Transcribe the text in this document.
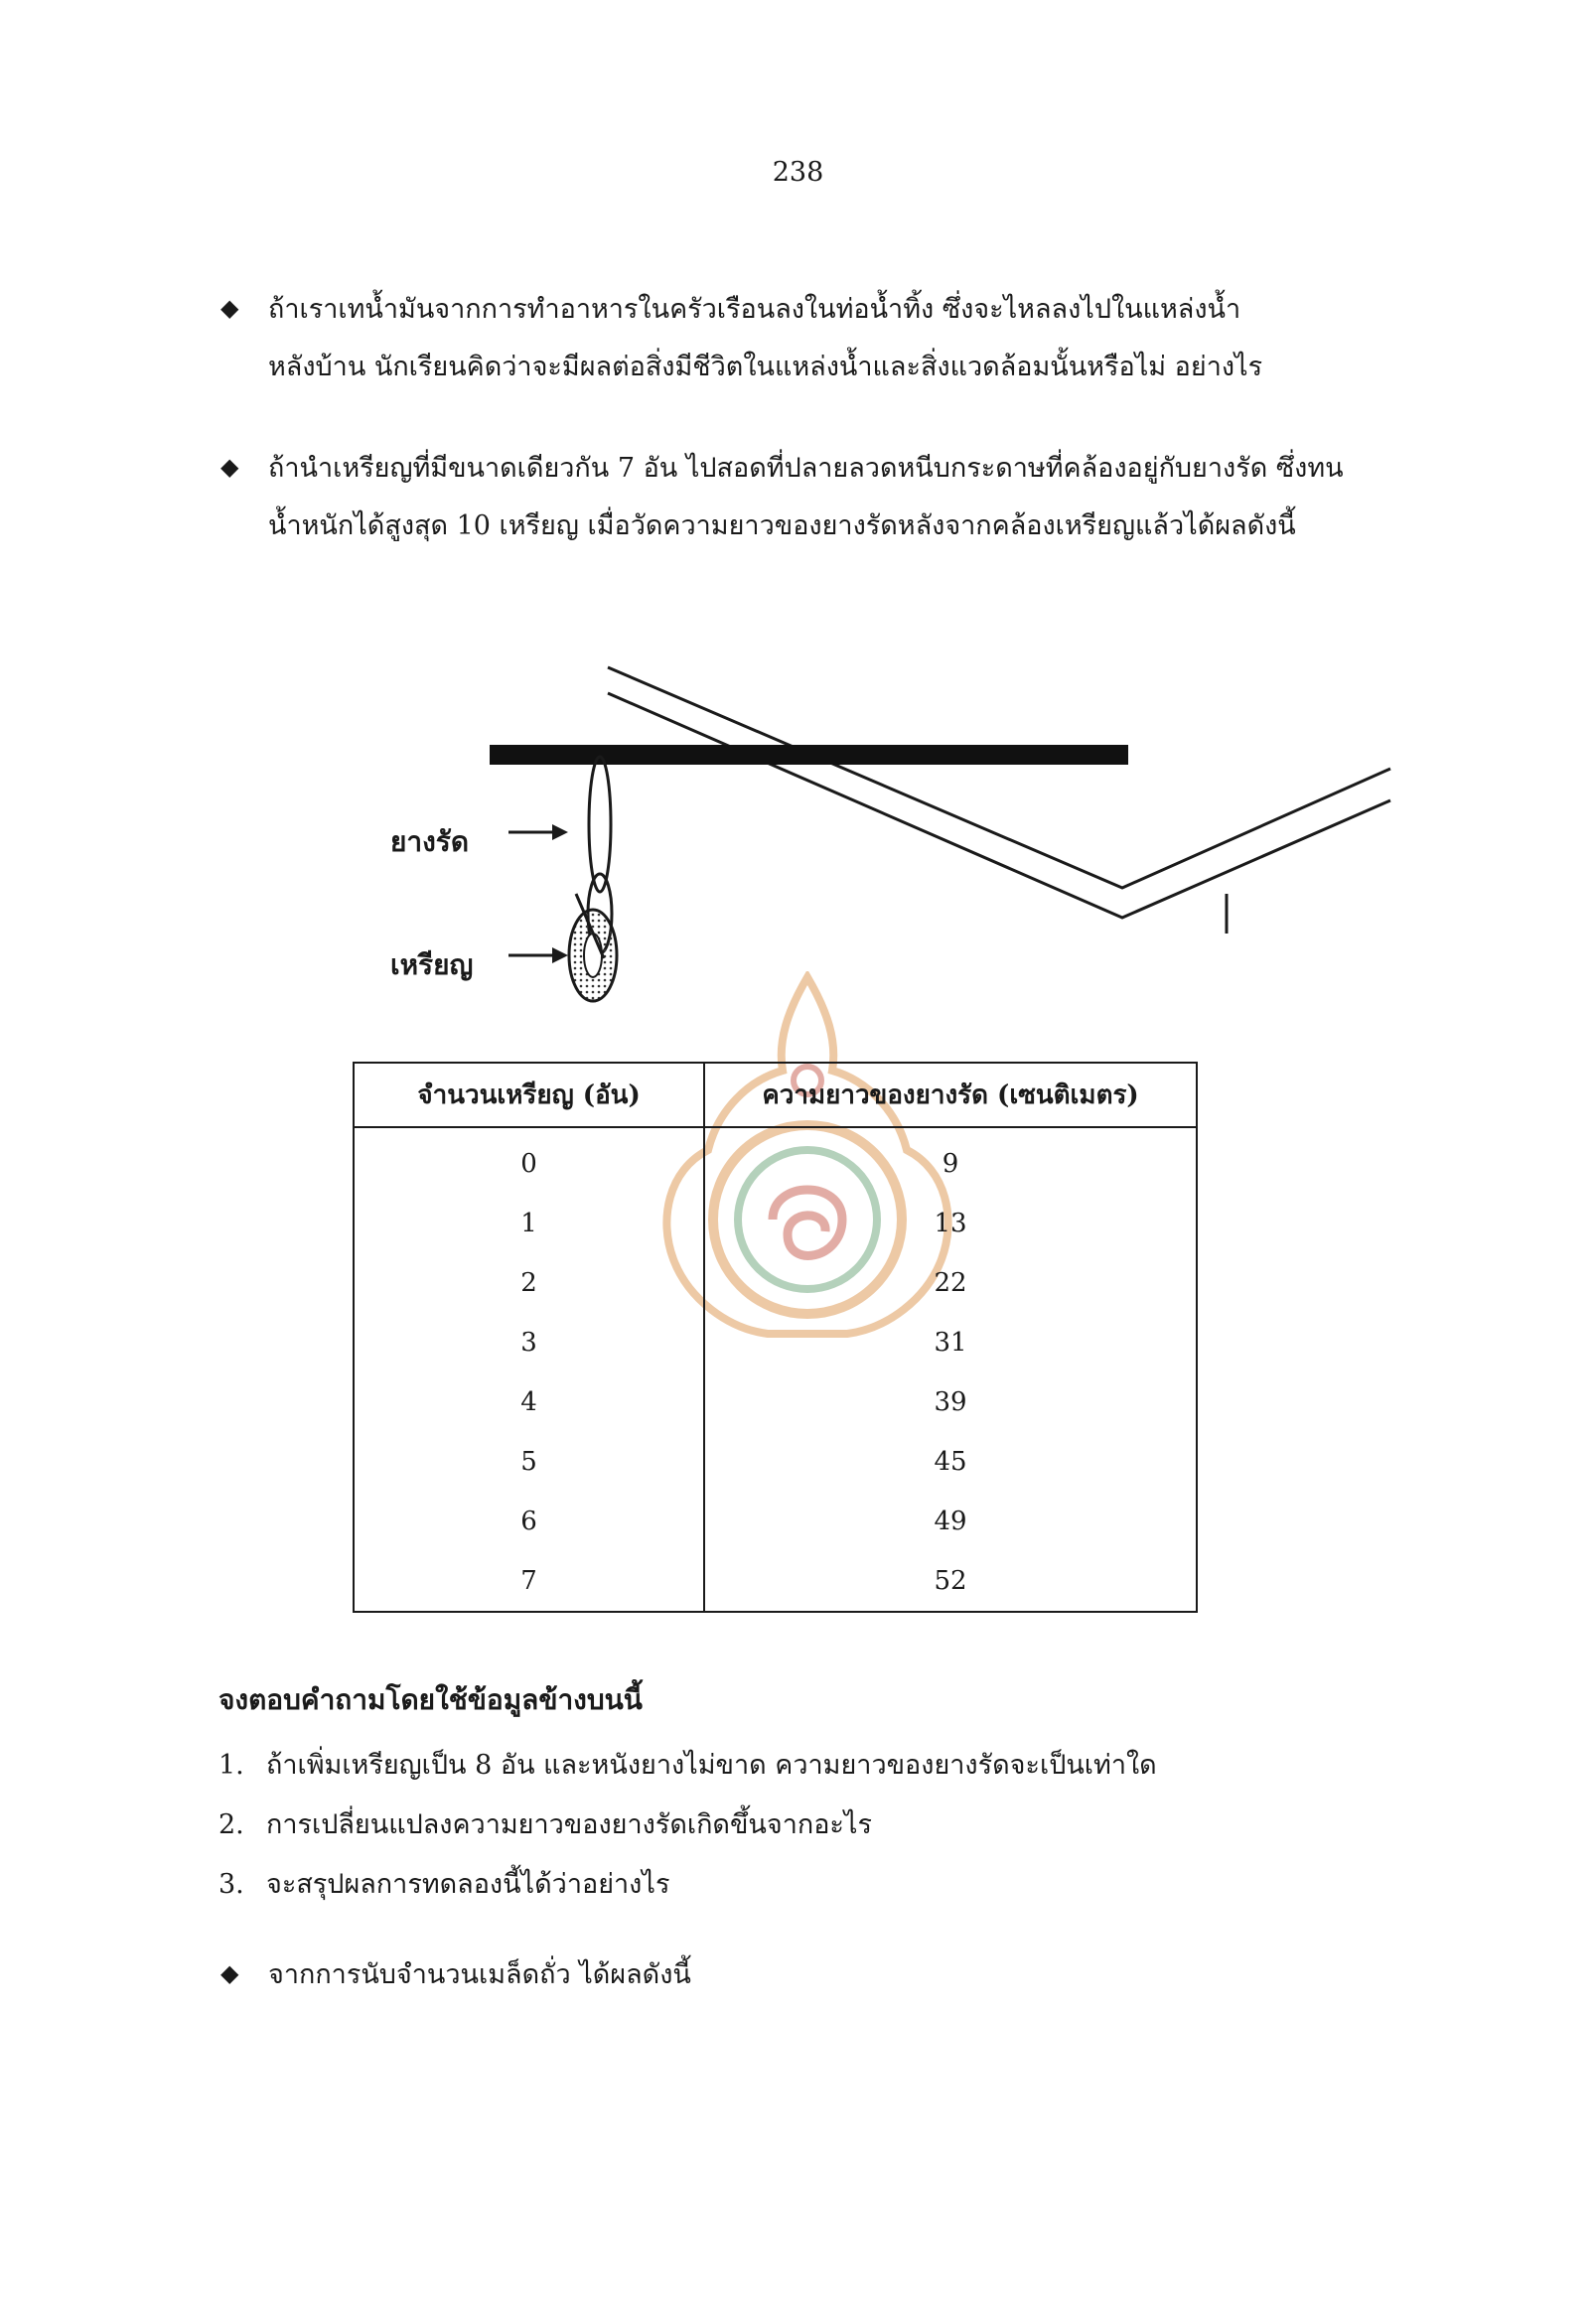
238
◆ ถ้าเราเทน้ำมันจากการทำอาหารในครัวเรือนลงในท่อน้ำทิ้ง ซึ่งจะไหลลงไปในแหล่งน้ำ
หลังบ้าน นักเรียนคิดว่าจะมีผลต่อสิ่งมีชีวิตในแหล่งน้ำและสิ่งแวดล้อมนั้นหรือไม่ อย่างไร
◆ ถ้านำเหรียญที่มีขนาดเดียวกัน 7 อัน ไปสอดที่ปลายลวดหนีบกระดาษที่คล้องอยู่กับยางรัด ซึ่งทน
น้ำหนักได้สูงสุด 10 เหรียญ เมื่อวัดความยาวของยางรัดหลังจากคล้องเหรียญแล้วได้ผลดังนี้
ยางรัด
เหรียญ
จำนวนเหรียญ (อัน)	ความยาวของยางรัด (เซนติเมตร)
0	9
1	13
2	22
3	31
4	39
5	45
6	49
7	52
จงตอบคำถามโดยใช้ข้อมูลข้างบนนี้
1. ถ้าเพิ่มเหรียญเป็น 8 อัน และหนังยางไม่ขาด ความยาวของยางรัดจะเป็นเท่าใด
2. การเปลี่ยนแปลงความยาวของยางรัดเกิดขึ้นจากอะไร
3. จะสรุปผลการทดลองนี้ได้ว่าอย่างไร
◆ จากการนับจำนวนเมล็ดถั่ว ได้ผลดังนี้
